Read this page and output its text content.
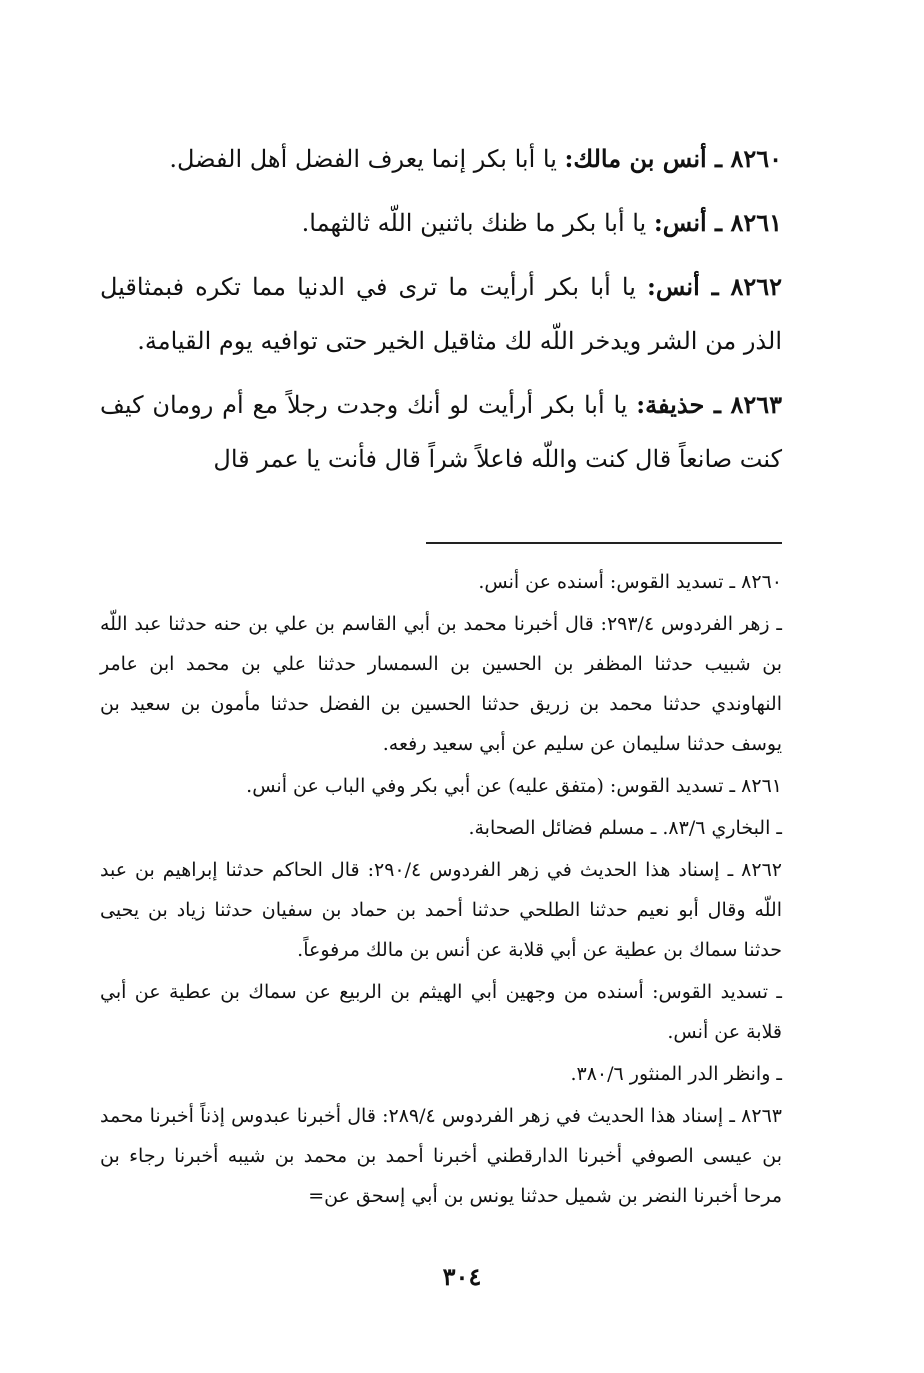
٨٢٦٠ ـ أنس بن مالك: يا أبا بكر إنما يعرف الفضل أهل الفضل.

٨٢٦١ ـ أنس: يا أبا بكر ما ظنك باثنين اللّه ثالثهما.

٨٢٦٢ ـ أنس: يا أبا بكر أرأيت ما ترى في الدنيا مما تكره فبمثاقيل الذر من الشر ويدخر اللّه لك مثاقيل الخير حتى توافيه يوم القيامة.

٨٢٦٣ ـ حذيفة: يا أبا بكر أرأيت لو أنك وجدت رجلاً مع أم رومان كيف كنت صانعاً قال كنت واللّه فاعلاً شراً قال فأنت يا عمر قال

٨٢٦٠ ـ تسديد القوس: أسنده عن أنس.

ـ زهر الفردوس ٢٩٣/٤: قال أخبرنا محمد بن أبي القاسم بن علي بن حنه حدثنا عبد اللّه بن شبيب حدثنا المظفر بن الحسين بن السمسار حدثنا علي بن محمد ابن عامر النهاوندي حدثنا محمد بن زريق حدثنا الحسين بن الفضل حدثنا مأمون بن سعيد بن يوسف حدثنا سليمان عن سليم عن أبي سعيد رفعه.

٨٢٦١ ـ تسديد القوس: (متفق عليه) عن أبي بكر وفي الباب عن أنس.

ـ البخاري ٨٣/٦. ـ مسلم فضائل الصحابة.

٨٢٦٢ ـ إسناد هذا الحديث في زهر الفردوس ٢٩٠/٤: قال الحاكم حدثنا إبراهيم بن عبد اللّه وقال أبو نعيم حدثنا الطلحي حدثنا أحمد بن حماد بن سفيان حدثنا زياد بن يحيى حدثنا سماك بن عطية عن أبي قلابة عن أنس بن مالك مرفوعاً.

ـ تسديد القوس: أسنده من وجهين أبي الهيثم بن الربيع عن سماك بن عطية عن أبي قلابة عن أنس.

ـ وانظر الدر المنثور ٣٨٠/٦.

٨٢٦٣ ـ إسناد هذا الحديث في زهر الفردوس ٢٨٩/٤: قال أخبرنا عبدوس إذناً أخبرنا محمد بن عيسى الصوفي أخبرنا الدارقطني أخبرنا أحمد بن محمد بن شيبه أخبرنا رجاء بن مرحا أخبرنا النضر بن شميل حدثنا يونس بن أبي إسحق عن=

٣٠٤
